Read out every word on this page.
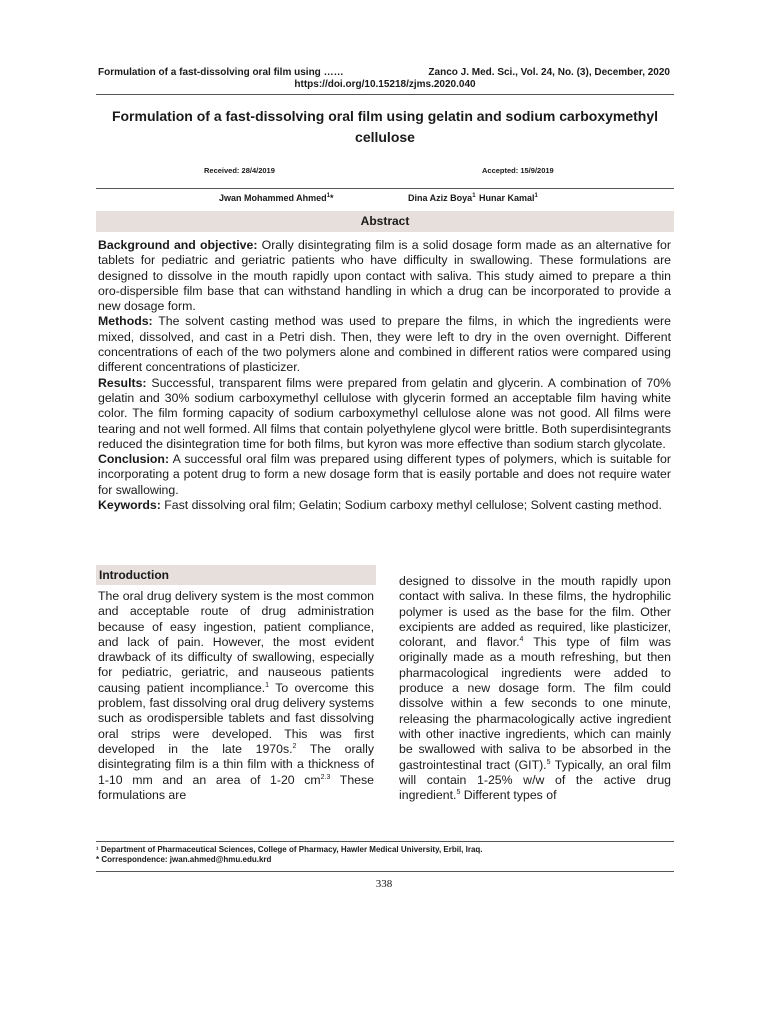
Formulation of a fast-dissolving oral film using ……	Zanco J. Med. Sci., Vol. 24, No. (3), December, 2020
https://doi.org/10.15218/zjms.2020.040
Formulation of a fast-dissolving oral film using gelatin and sodium carboxymethyl cellulose
Received: 28/4/2019	Accepted: 15/9/2019
Jwan Mohammed Ahmed$^1$*	Dina Aziz Boya$^1$ Hunar Kamal$^1$
Abstract

Background and objective: Orally disintegrating film is a solid dosage form made as an alternative for tablets for pediatric and geriatric patients who have difficulty in swallowing. These formulations are designed to dissolve in the mouth rapidly upon contact with saliva. This study aimed to prepare a thin oro-dispersible film base that can withstand handling in which a drug can be incorporated to provide a new dosage form.

Methods: The solvent casting method was used to prepare the films, in which the ingredients were mixed, dissolved, and cast in a Petri dish. Then, they were left to dry in the oven overnight. Different concentrations of each of the two polymers alone and combined in different ratios were compared using different concentrations of plasticizer.

Results: Successful, transparent films were prepared from gelatin and glycerin. A combination of 70% gelatin and 30% sodium carboxymethyl cellulose with glycerin formed an acceptable film having white color. The film forming capacity of sodium carboxymethyl cellulose alone was not good. All films were tearing and not well formed. All films that contain polyethylene glycol were brittle. Both superdisintegrants reduced the disintegration time for both films, but kyron was more effective than sodium starch glycolate.

Conclusion: A successful oral film was prepared using different types of polymers, which is suitable for incorporating a potent drug to form a new dosage form that is easily portable and does not require water for swallowing.

Keywords: Fast dissolving oral film; Gelatin; Sodium carboxy methyl cellulose; Solvent casting method.

Introduction

The oral drug delivery system is the most common and acceptable route of drug administration because of easy ingestion, patient compliance, and lack of pain. However, the most evident drawback of its difficulty of swallowing, especially for pediatric, geriatric, and nauseous patients causing patient incompliance.$^1$ To overcome this problem, fast dissolving oral drug delivery systems such as orodispersible tablets and fast dissolving oral strips were developed. This was first developed in the late 1970s.$^2$ The orally disintegrating film is a thin film with a thickness of 1-10 mm and an area of 1-20 $cm^{2.3}$ These formulations are

designed to dissolve in the mouth rapidly upon contact with saliva. In these films, the hydrophilic polymer is used as the base for the film. Other excipients are added as required, like plasticizer, colorant, and flavor.$^4$ This type of film was originally made as a mouth refreshing, but then pharmacological ingredients were added to produce a new dosage form. The film could dissolve within a few seconds to one minute, releasing the pharmacologically active ingredient with other inactive ingredients, which can mainly be swallowed with saliva to be absorbed in the gastrointestinal tract (GIT).$^5$ Typically, an oral film will contain 1-25% w/w of the active drug ingredient.$^5$ Different types of

¹ Department of Pharmaceutical Sciences, College of Pharmacy, Hawler Medical University, Erbil, Iraq.
* Correspondence: jwan.ahmed@hmu.edu.krd
338
